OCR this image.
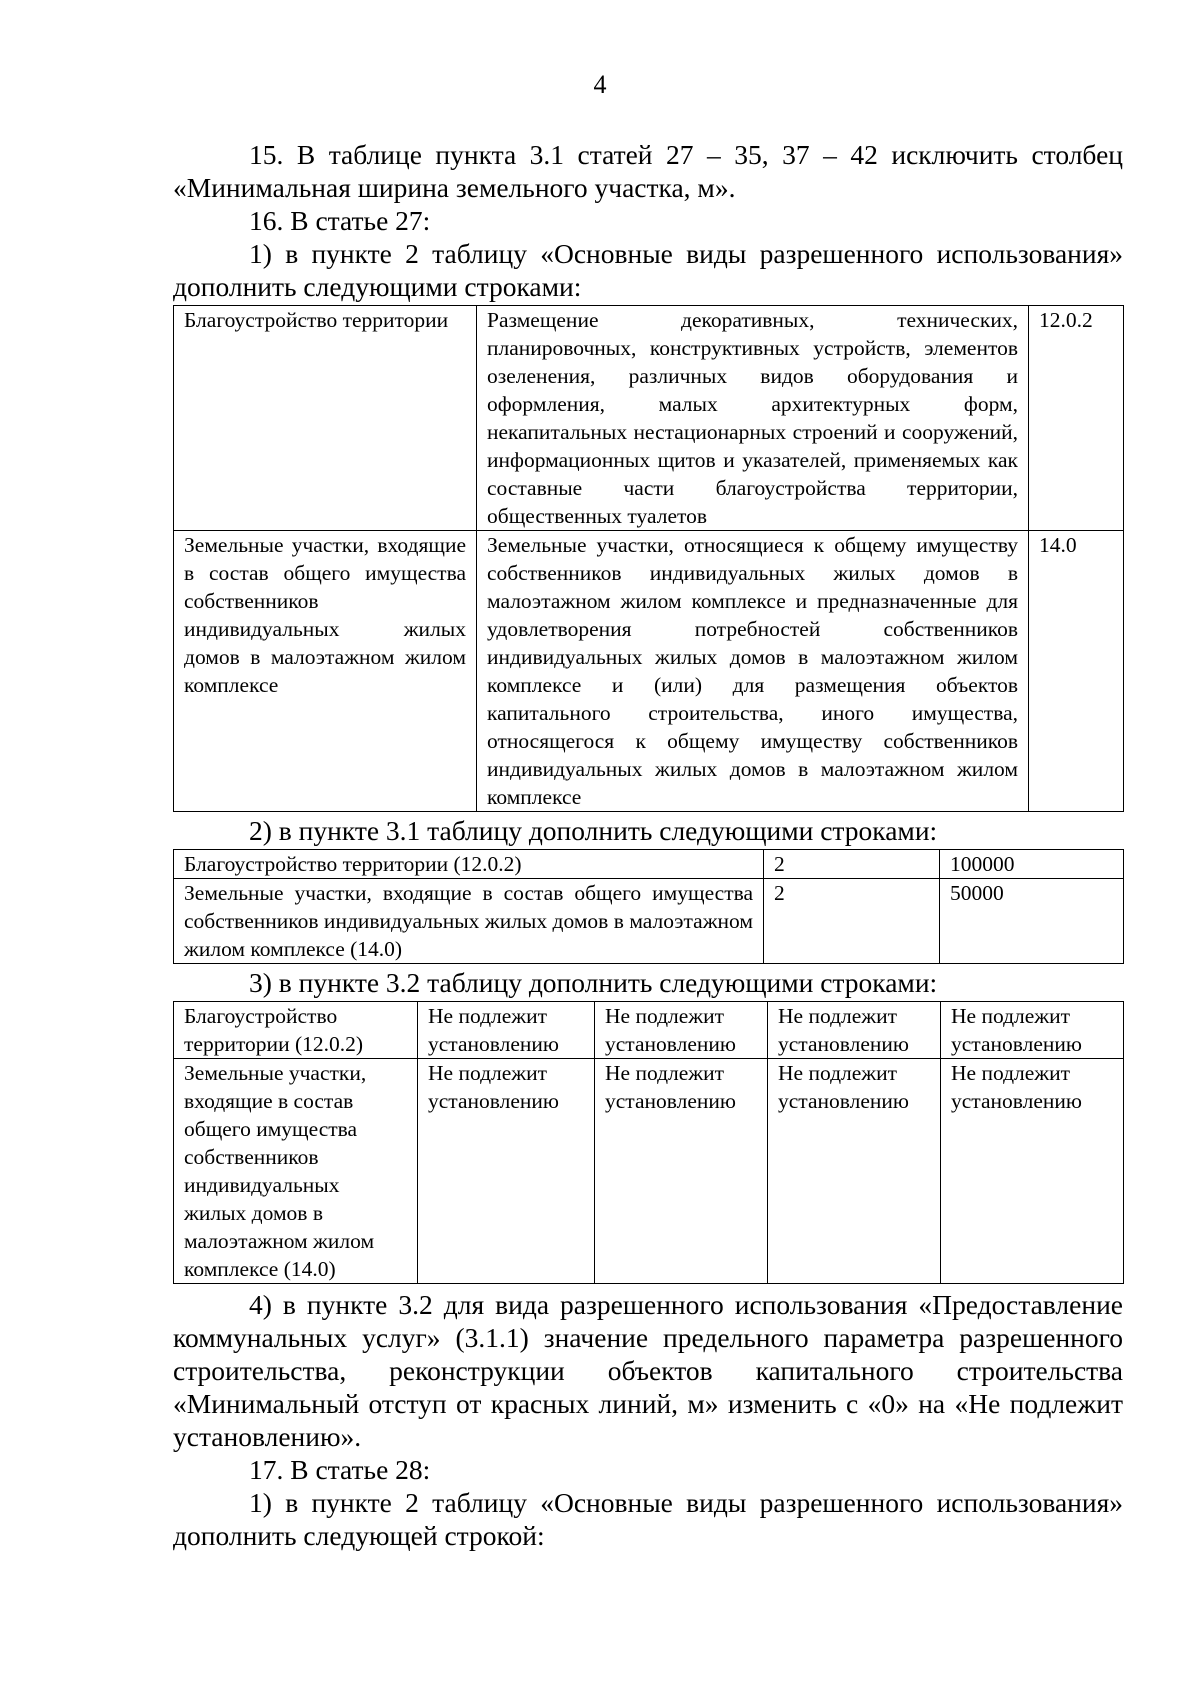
4

15. В таблице пункта 3.1 статей 27 – 35, 37 – 42 исключить столбец «Минимальная ширина земельного участка, м».

16. В статье 27:

1) в пункте 2 таблицу «Основные виды разрешенного использования» дополнить следующими строками:

Благоустройство территории	Размещение декоративных, технических, планировочных, конструктивных устройств, элементов озеленения, различных видов оборудования и оформления, малых архитектурных форм, некапитальных нестационарных строений и сооружений, информационных щитов и указателей, применяемых как составные части благоустройства территории, общественных туалетов	12.0.2
Земельные участки, входящие в состав общего имущества собственников индивидуальных жилых домов в малоэтажном жилом комплексе	Земельные участки, относящиеся к общему имуществу собственников индивидуальных жилых домов в малоэтажном жилом комплексе и предназначенные для удовлетворения потребностей собственников индивидуальных жилых домов в малоэтажном жилом комплексе и (или) для размещения объектов капитального строительства, иного имущества, относящегося к общему имуществу собственников индивидуальных жилых домов в малоэтажном жилом комплексе	14.0

2) в пункте 3.1 таблицу дополнить следующими строками:

Благоустройство территории (12.0.2)	2	100000
Земельные участки, входящие в состав общего имущества собственников индивидуальных жилых домов в малоэтажном жилом комплексе (14.0)	2	50000

3) в пункте 3.2 таблицу дополнить следующими строками:

Благоустройство территории (12.0.2)	Не подлежит установлению	Не подлежит установлению	Не подлежит установлению	Не подлежит установлению
Земельные участки, входящие в состав общего имущества собственников индивидуальных жилых домов в малоэтажном жилом комплексе (14.0)	Не подлежит установлению	Не подлежит установлению	Не подлежит установлению	Не подлежит установлению

4) в пункте 3.2 для вида разрешенного использования «Предоставление коммунальных услуг» (3.1.1) значение предельного параметра разрешенного строительства, реконструкции объектов капитального строительства «Минимальный отступ от красных линий, м» изменить с «0» на «Не подлежит установлению».

17. В статье 28:

1) в пункте 2 таблицу «Основные виды разрешенного использования» дополнить следующей строкой:
